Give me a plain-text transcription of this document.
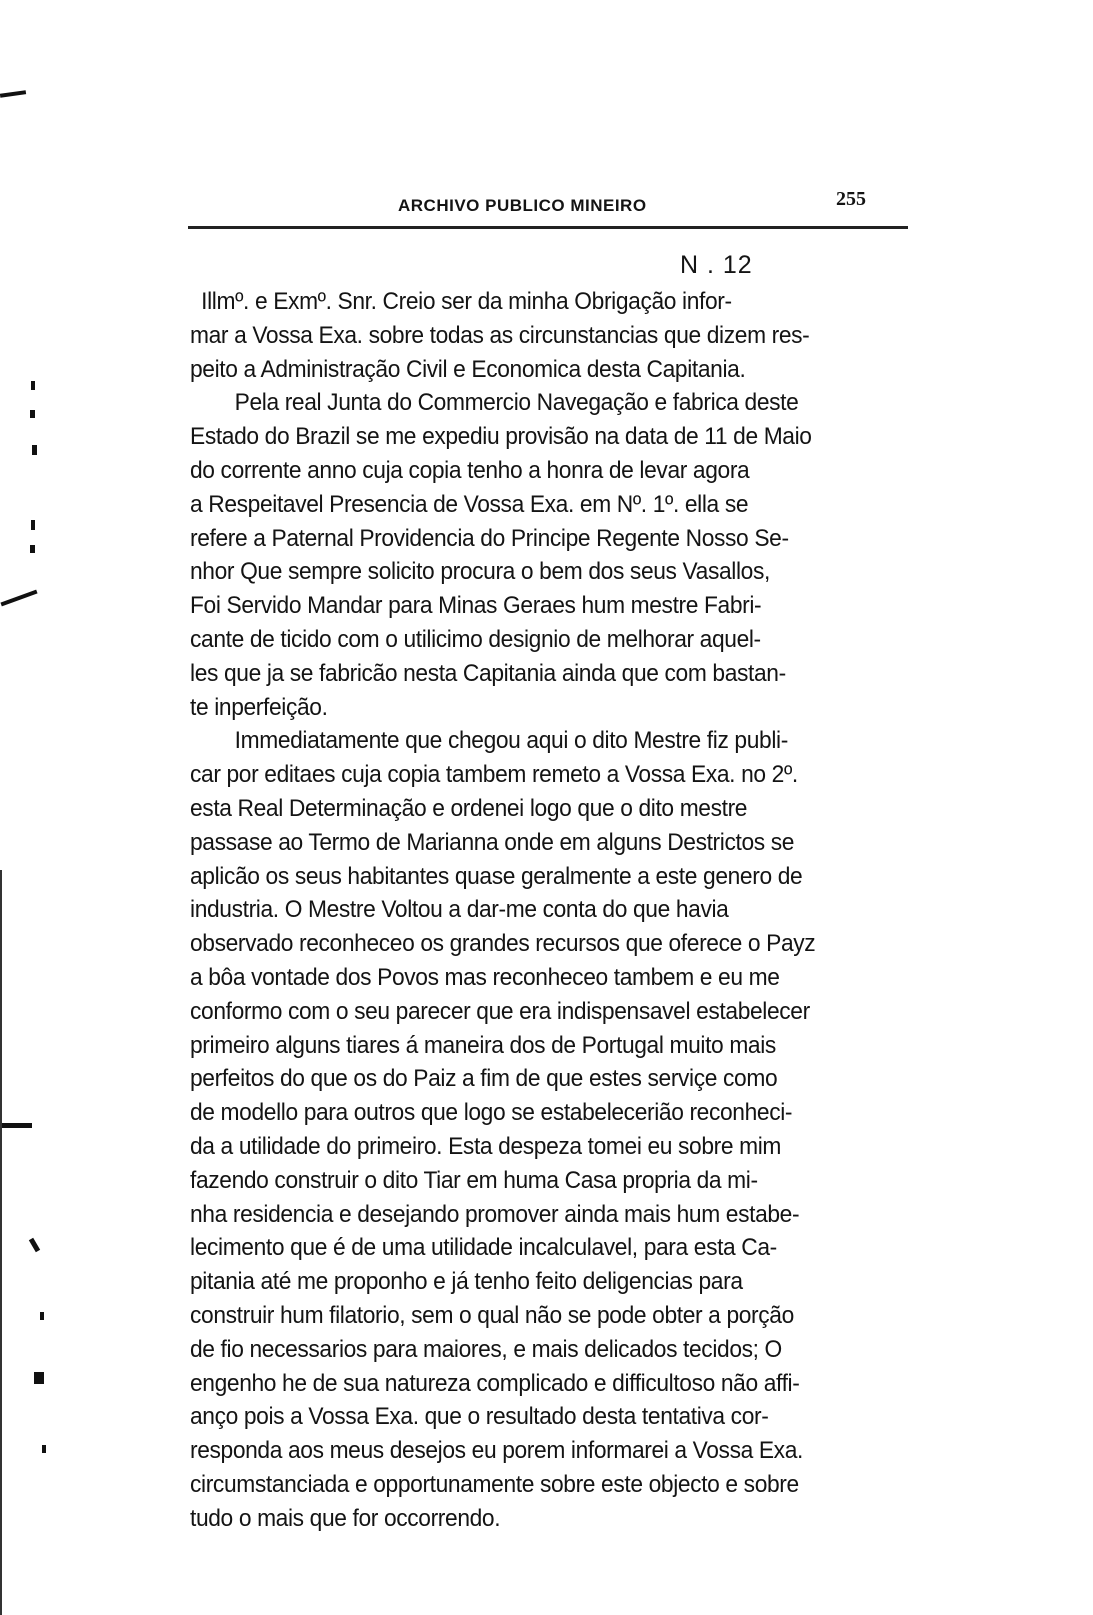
ARCHIVO PUBLICO MINEIRO	255
N . 12
Illmº. e Exmº. Snr. Creio ser da minha Obrigação infor-
mar a Vossa Exa. sobre todas as circunstancias que dizem res-
peito a Administração Civil e Economica desta Capitania.
Pela real Junta do Commercio Navegação e fabrica deste
Estado do Brazil se me expediu provisão na data de 11 de Maio
do corrente anno cuja copia tenho a honra de levar agora
a Respeitavel Presencia de Vossa Exa. em Nº. 1º. ella se
refere a Paternal Providencia do Principe Regente Nosso Se-
nhor Que sempre solicito procura o bem dos seus Vasallos,
Foi Servido Mandar para Minas Geraes hum mestre Fabri-
cante de ticido com o utilicimo designio de melhorar aquel-
les que ja se fabricão nesta Capitania ainda que com bastan-
te inperfeição.
Immediatamente que chegou aqui o dito Mestre fiz publi-
car por editaes cuja copia tambem remeto a Vossa Exa. no 2º.
esta Real Determinação e ordenei logo que o dito mestre
passase ao Termo de Marianna onde em alguns Destrictos se
aplicão os seus habitantes quase geralmente a este genero de
industria. O Mestre Voltou a dar-me conta do que havia
observado reconheceo os grandes recursos que oferece o Payz
a bôa vontade dos Povos mas reconheceo tambem e eu me
conformo com o seu parecer que era indispensavel estabelecer
primeiro alguns tiares á maneira dos de Portugal muito mais
perfeitos do que os do Paiz a fim de que estes serviçe como
de modello para outros que logo se estabelecerião reconheci-
da a utilidade do primeiro. Esta despeza tomei eu sobre mim
fazendo construir o dito Tiar em huma Casa propria da mi-
nha residencia e desejando promover ainda mais hum estabe-
lecimento que é de uma utilidade incalculavel, para esta Ca-
pitania até me proponho e já tenho feito deligencias para
construir hum filatorio, sem o qual não se pode obter a porção
de fio necessarios para maiores, e mais delicados tecidos; O
engenho he de sua natureza complicado e difficultoso não affi-
anço pois a Vossa Exa. que o resultado desta tentativa cor-
responda aos meus desejos eu porem informarei a Vossa Exa.
circumstanciada e opportunamente sobre este objecto e sobre
tudo o mais que for occorrendo.
